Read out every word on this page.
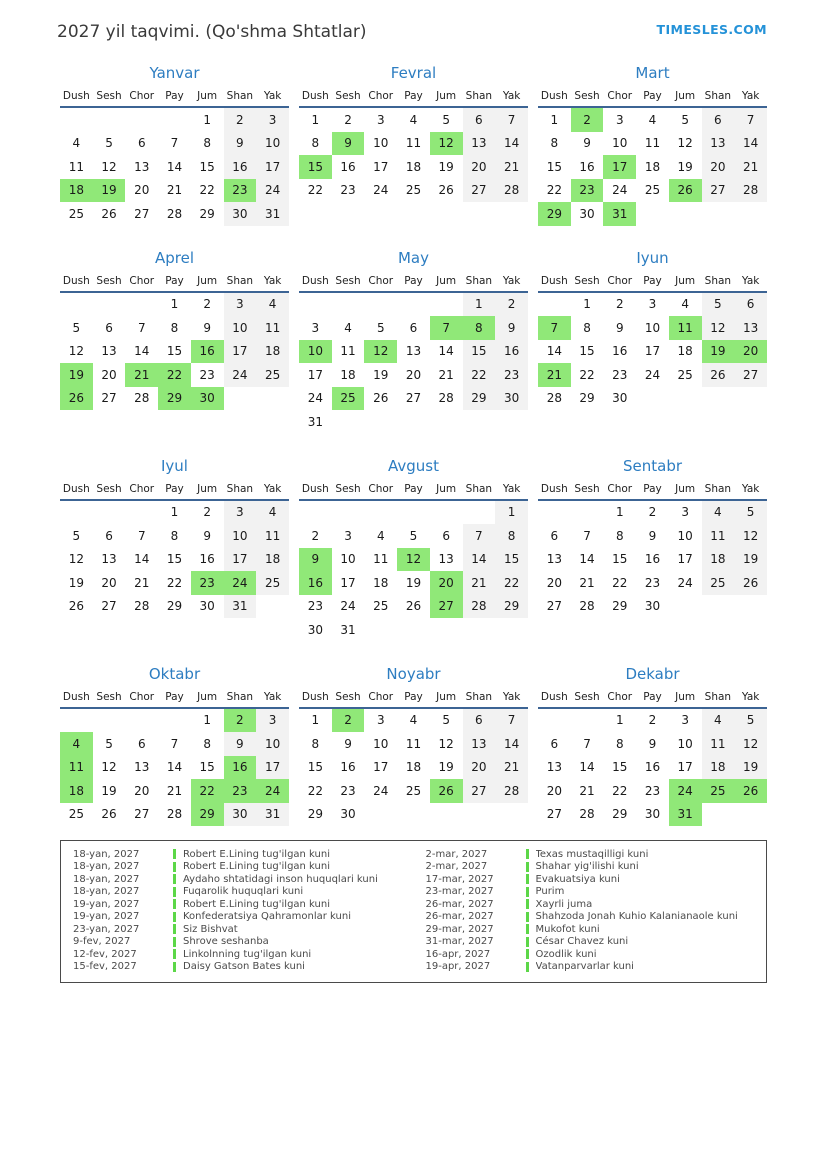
2027 yil taqvimi. (Qo'shma Shtatlar)	TIMESLES.COM
Yanvar
Dush	Sesh	Chor	Pay	Jum	Shan	Yak
				1	2	3
4	5	6	7	8	9	10
11	12	13	14	15	16	17
18	19	20	21	22	23	24
25	26	27	28	29	30	31
Fevral
Dush	Sesh	Chor	Pay	Jum	Shan	Yak
1	2	3	4	5	6	7
8	9	10	11	12	13	14
15	16	17	18	19	20	21
22	23	24	25	26	27	28
Mart
Dush	Sesh	Chor	Pay	Jum	Shan	Yak
1	2	3	4	5	6	7
8	9	10	11	12	13	14
15	16	17	18	19	20	21
22	23	24	25	26	27	28
29	30	31				
Aprel
Dush	Sesh	Chor	Pay	Jum	Shan	Yak
			1	2	3	4
5	6	7	8	9	10	11
12	13	14	15	16	17	18
19	20	21	22	23	24	25
26	27	28	29	30		
May
Dush	Sesh	Chor	Pay	Jum	Shan	Yak
					1	2
3	4	5	6	7	8	9
10	11	12	13	14	15	16
17	18	19	20	21	22	23
24	25	26	27	28	29	30
31						
Iyun
Dush	Sesh	Chor	Pay	Jum	Shan	Yak
	1	2	3	4	5	6
7	8	9	10	11	12	13
14	15	16	17	18	19	20
21	22	23	24	25	26	27
28	29	30				
Iyul
Dush	Sesh	Chor	Pay	Jum	Shan	Yak
			1	2	3	4
5	6	7	8	9	10	11
12	13	14	15	16	17	18
19	20	21	22	23	24	25
26	27	28	29	30	31	
Avgust
Dush	Sesh	Chor	Pay	Jum	Shan	Yak
						1
2	3	4	5	6	7	8
9	10	11	12	13	14	15
16	17	18	19	20	21	22
23	24	25	26	27	28	29
30	31					
Sentabr
Dush	Sesh	Chor	Pay	Jum	Shan	Yak
		1	2	3	4	5
6	7	8	9	10	11	12
13	14	15	16	17	18	19
20	21	22	23	24	25	26
27	28	29	30			
Oktabr
Dush	Sesh	Chor	Pay	Jum	Shan	Yak
				1	2	3
4	5	6	7	8	9	10
11	12	13	14	15	16	17
18	19	20	21	22	23	24
25	26	27	28	29	30	31
Noyabr
Dush	Sesh	Chor	Pay	Jum	Shan	Yak
1	2	3	4	5	6	7
8	9	10	11	12	13	14
15	16	17	18	19	20	21
22	23	24	25	26	27	28
29	30					
Dekabr
Dush	Sesh	Chor	Pay	Jum	Shan	Yak
		1	2	3	4	5
6	7	8	9	10	11	12
13	14	15	16	17	18	19
20	21	22	23	24	25	26
27	28	29	30	31		
18-yan, 2027	Robert E.Lining tug'ilgan kuni
18-yan, 2027	Robert E.Lining tug'ilgan kuni
18-yan, 2027	Aydaho shtatidagi inson huquqlari kuni
18-yan, 2027	Fuqarolik huquqlari kuni
19-yan, 2027	Robert E.Lining tug'ilgan kuni
19-yan, 2027	Konfederatsiya Qahramonlar kuni
23-yan, 2027	Siz Bishvat
9-fev, 2027	Shrove seshanba
12-fev, 2027	Linkolnning tug'ilgan kuni
15-fev, 2027	Daisy Gatson Bates kuni
2-mar, 2027	Texas mustaqilligi kuni
2-mar, 2027	Shahar yig'ilishi kuni
17-mar, 2027	Evakuatsiya kuni
23-mar, 2027	Purim
26-mar, 2027	Xayrli juma
26-mar, 2027	Shahzoda Jonah Kuhio Kalanianaole kuni
29-mar, 2027	Mukofot kuni
31-mar, 2027	César Chavez kuni
16-apr, 2027	Ozodlik kuni
19-apr, 2027	Vatanparvarlar kuni
